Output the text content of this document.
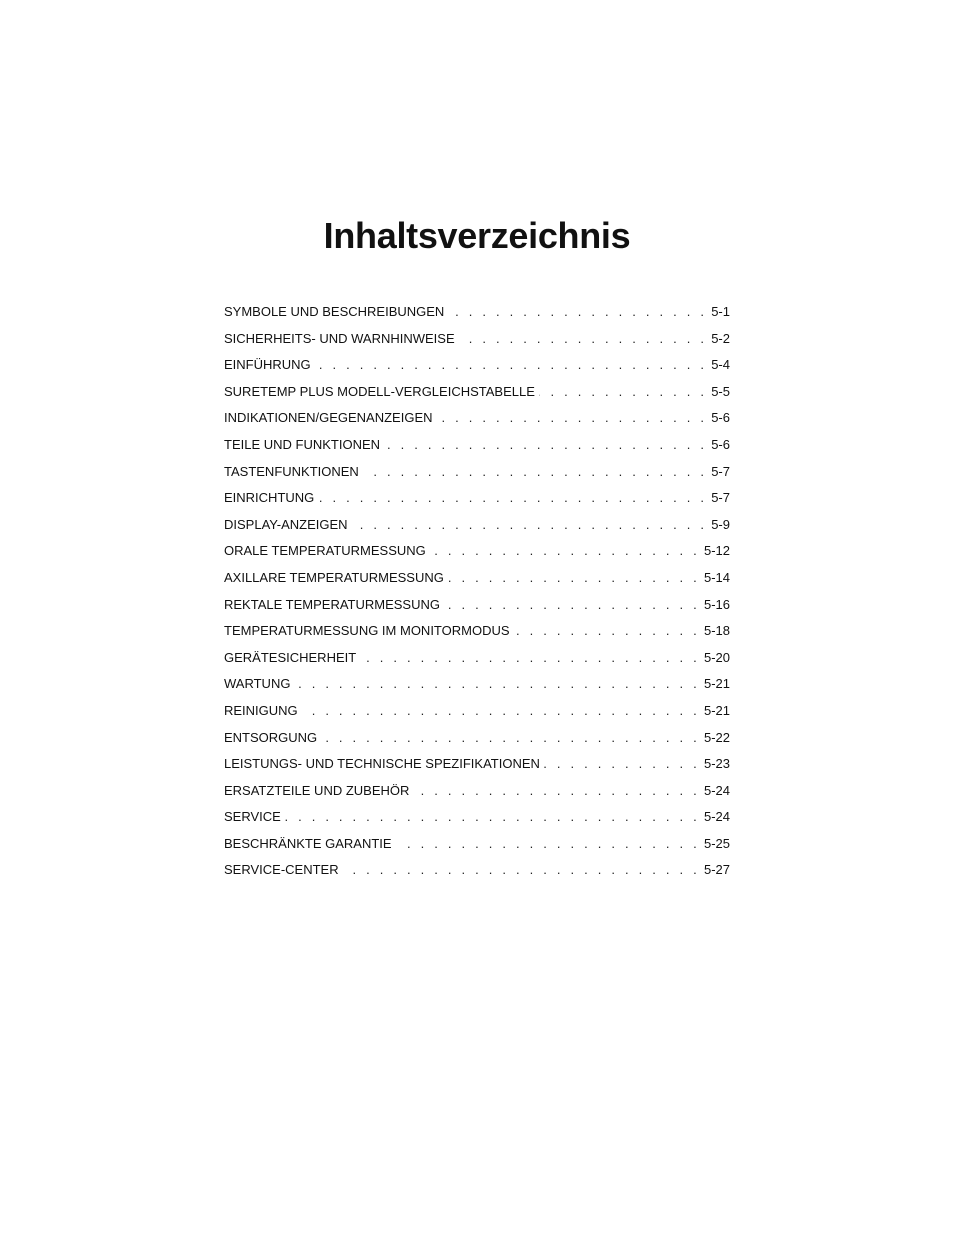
Inhaltsverzeichnis
SYMBOLE UND BESCHREIBUNGEN . . .	5-1
SICHERHEITS- UND WARNHINWEISE . . .	5-2
EINFÜHRUNG . . .	5-4
SURETEMP PLUS MODELL-VERGLEICHSTABELLE . . .	5-5
INDIKATIONEN/GEGENANZEIGEN . . .	5-6
TEILE UND FUNKTIONEN . . .	5-6
TASTENFUNKTIONEN . . .	5-7
EINRICHTUNG . . .	5-7
DISPLAY-ANZEIGEN . . .	5-9
ORALE TEMPERATURMESSUNG . . .	5-12
AXILLARE TEMPERATURMESSUNG . . .	5-14
REKTALE TEMPERATURMESSUNG . . .	5-16
TEMPERATURMESSUNG IM MONITORMODUS . . .	5-18
GERÄTESICHERHEIT . . .	5-20
WARTUNG . . .	5-21
REINIGUNG . . .	5-21
ENTSORGUNG . . .	5-22
LEISTUNGS- UND TECHNISCHE SPEZIFIKATIONEN . . .	5-23
ERSATZTEILE UND ZUBEHÖR . . .	5-24
SERVICE . . .	5-24
BESCHRÄNKTE GARANTIE . . .	5-25
SERVICE-CENTER . . .	5-27
